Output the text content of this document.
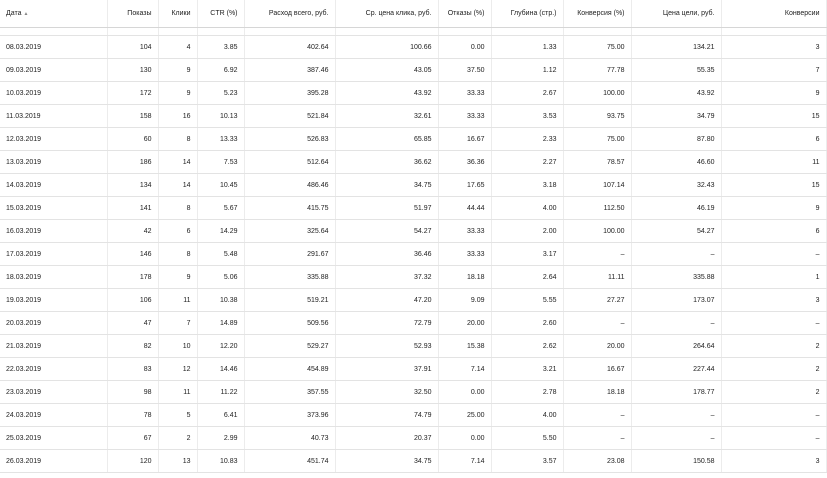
Дата ▲	Показы	Клики	CTR (%)	Расход всего, руб.	Ср. цена клика, руб.	Отказы (%)	Глубина (стр.)	Конверсия (%)	Цена цели, руб.	Конверсии

08.03.2019	104	4	3.85	402.64	100.66	0.00	1.33	75.00	134.21	3
09.03.2019	130	9	6.92	387.46	43.05	37.50	1.12	77.78	55.35	7
10.03.2019	172	9	5.23	395.28	43.92	33.33	2.67	100.00	43.92	9
11.03.2019	158	16	10.13	521.84	32.61	33.33	3.53	93.75	34.79	15
12.03.2019	60	8	13.33	526.83	65.85	16.67	2.33	75.00	87.80	6
13.03.2019	186	14	7.53	512.64	36.62	36.36	2.27	78.57	46.60	11
14.03.2019	134	14	10.45	486.46	34.75	17.65	3.18	107.14	32.43	15
15.03.2019	141	8	5.67	415.75	51.97	44.44	4.00	112.50	46.19	9
16.03.2019	42	6	14.29	325.64	54.27	33.33	2.00	100.00	54.27	6
17.03.2019	146	8	5.48	291.67	36.46	33.33	3.17	–	–	–
18.03.2019	178	9	5.06	335.88	37.32	18.18	2.64	11.11	335.88	1
19.03.2019	106	11	10.38	519.21	47.20	9.09	5.55	27.27	173.07	3
20.03.2019	47	7	14.89	509.56	72.79	20.00	2.60	–	–	–
21.03.2019	82	10	12.20	529.27	52.93	15.38	2.62	20.00	264.64	2
22.03.2019	83	12	14.46	454.89	37.91	7.14	3.21	16.67	227.44	2
23.03.2019	98	11	11.22	357.55	32.50	0.00	2.78	18.18	178.77	2
24.03.2019	78	5	6.41	373.96	74.79	25.00	4.00	–	–	–
25.03.2019	67	2	2.99	40.73	20.37	0.00	5.50	–	–	–
26.03.2019	120	13	10.83	451.74	34.75	7.14	3.57	23.08	150.58	3
